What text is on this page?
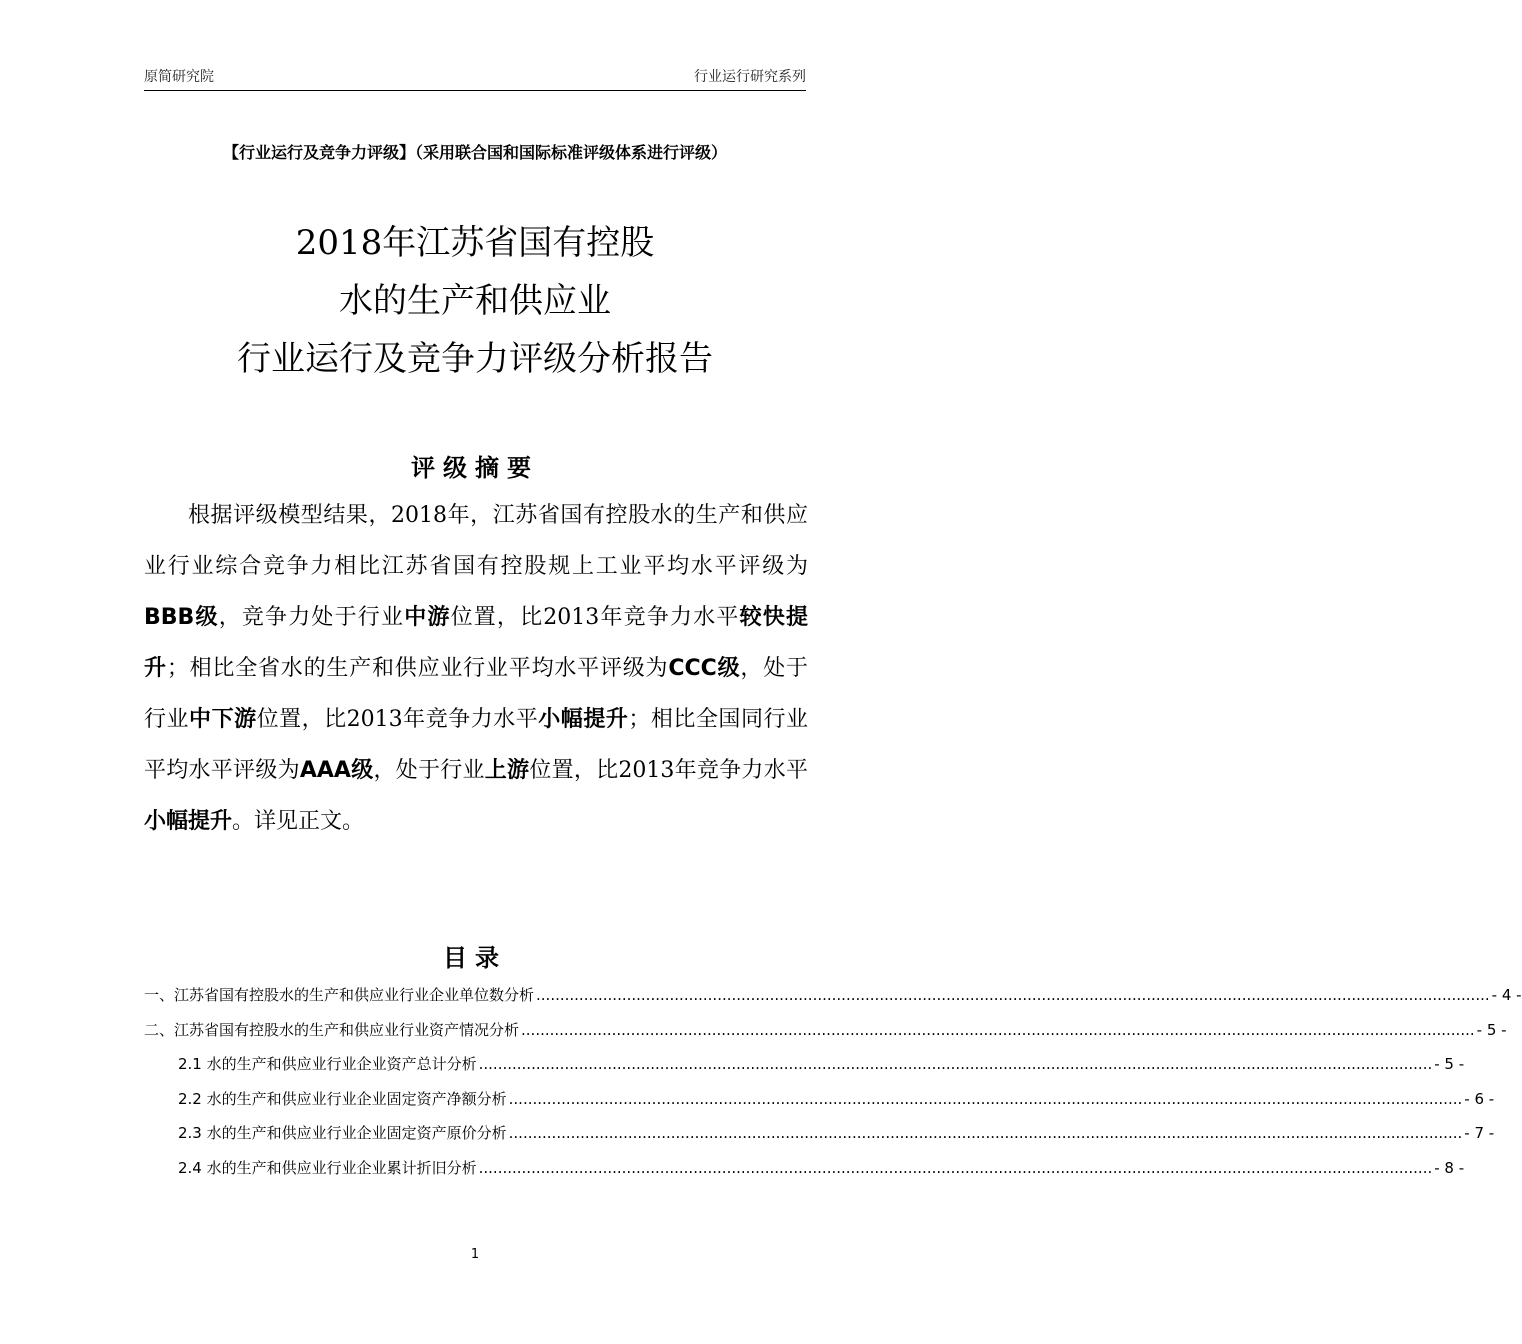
原简研究院	行业运行研究系列
【行业运行及竞争力评级】（采用联合国和国际标准评级体系进行评级）
2018年江苏省国有控股
水的生产和供应业
行业运行及竞争力评级分析报告
评级摘要
根据评级模型结果，2018年，江苏省国有控股水的生产和供应业行业综合竞争力相比江苏省国有控股规上工业平均水平评级为BBB级，竞争力处于行业中游位置，比2013年竞争力水平较快提升；相比全省水的生产和供应业行业平均水平评级为CCC级，处于行业中下游位置，比2013年竞争力水平小幅提升；相比全国同行业平均水平评级为AAA级，处于行业上游位置，比2013年竞争力水平小幅提升。详见正文。
目录
一、江苏省国有控股水的生产和供应业行业企业单位数分析 ........................................................................................................................................................................................................ - 4 -
二、江苏省国有控股水的生产和供应业行业资产情况分析 ........................................................................................................................................................................................................ - 5 -
2.1 水的生产和供应业行业企业资产总计分析 ........................................................................................................................................................................................................ - 5 -
2.2 水的生产和供应业行业企业固定资产净额分析 ........................................................................................................................................................................................................ - 6 -
2.3 水的生产和供应业行业企业固定资产原价分析 ........................................................................................................................................................................................................ - 7 -
2.4 水的生产和供应业行业企业累计折旧分析 ........................................................................................................................................................................................................ - 8 -
1
